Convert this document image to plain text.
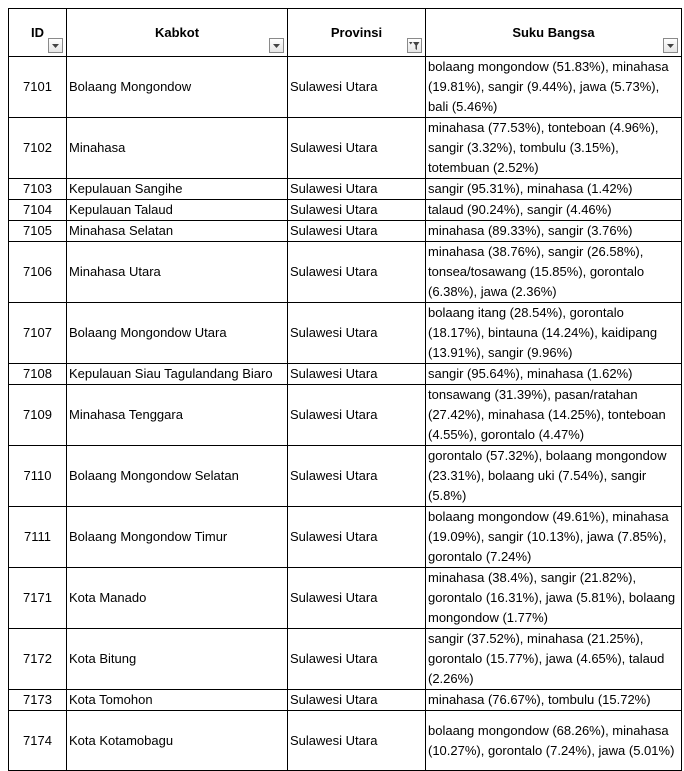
ID	Kabkot	Provinsi	Suku Bangsa

7101	Bolaang Mongondow	Sulawesi Utara	bolaang mongondow (51.83%), minahasa (19.81%), sangir (9.44%), jawa (5.73%), bali (5.46%)
7102	Minahasa	Sulawesi Utara	minahasa (77.53%), tonteboan (4.96%), sangir (3.32%), tombulu (3.15%), totembuan (2.52%)
7103	Kepulauan Sangihe	Sulawesi Utara	sangir (95.31%), minahasa (1.42%)
7104	Kepulauan Talaud	Sulawesi Utara	talaud (90.24%), sangir (4.46%)
7105	Minahasa Selatan	Sulawesi Utara	minahasa (89.33%), sangir (3.76%)
7106	Minahasa Utara	Sulawesi Utara	minahasa (38.76%), sangir (26.58%), tonsea/tosawang (15.85%), gorontalo (6.38%), jawa (2.36%)
7107	Bolaang Mongondow Utara	Sulawesi Utara	bolaang itang (28.54%), gorontalo (18.17%), bintauna (14.24%), kaidipang (13.91%), sangir (9.96%)
7108	Kepulauan Siau Tagulandang Biaro	Sulawesi Utara	sangir (95.64%), minahasa (1.62%)
7109	Minahasa Tenggara	Sulawesi Utara	tonsawang (31.39%), pasan/ratahan (27.42%), minahasa (14.25%), tonteboan (4.55%), gorontalo (4.47%)
7110	Bolaang Mongondow Selatan	Sulawesi Utara	gorontalo (57.32%), bolaang mongondow (23.31%), bolaang uki (7.54%), sangir (5.8%)
7111	Bolaang Mongondow Timur	Sulawesi Utara	bolaang mongondow (49.61%), minahasa (19.09%), sangir (10.13%), jawa (7.85%), gorontalo (7.24%)
7171	Kota Manado	Sulawesi Utara	minahasa (38.4%), sangir (21.82%), gorontalo (16.31%), jawa (5.81%), bolaang mongondow (1.77%)
7172	Kota Bitung	Sulawesi Utara	sangir (37.52%), minahasa (21.25%), gorontalo (15.77%), jawa (4.65%), talaud (2.26%)
7173	Kota Tomohon	Sulawesi Utara	minahasa (76.67%), tombulu (15.72%)
7174	Kota Kotamobagu	Sulawesi Utara	bolaang mongondow (68.26%), minahasa (10.27%), gorontalo (7.24%), jawa (5.01%)
